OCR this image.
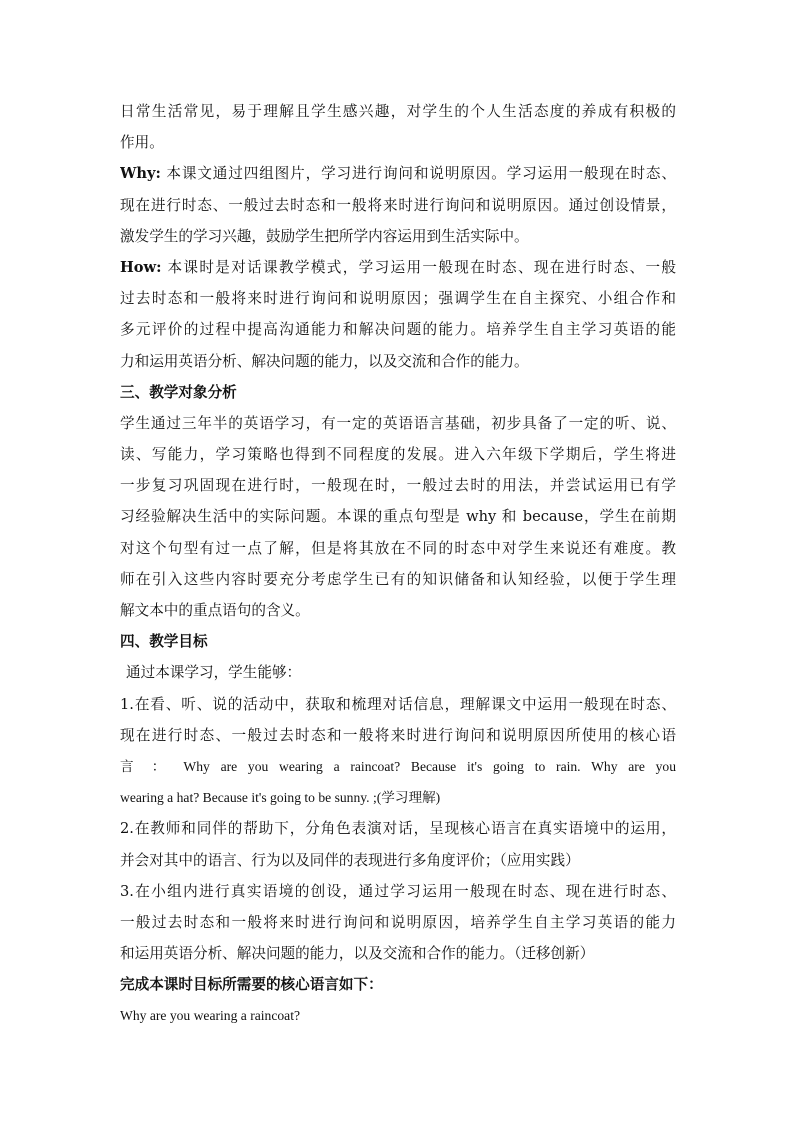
日常生活常见，易于理解且学生感兴趣，对学生的个人生活态度的养成有积极的
作用。
Why: 本课文通过四组图片，学习进行询问和说明原因。学习运用一般现在时态、
现在进行时态、一般过去时态和一般将来时进行询问和说明原因。通过创设情景，
激发学生的学习兴趣，鼓励学生把所学内容运用到生活实际中。
How: 本课时是对话课教学模式，学习运用一般现在时态、现在进行时态、一般
过去时态和一般将来时进行询问和说明原因；强调学生在自主探究、小组合作和
多元评价的过程中提高沟通能力和解决问题的能力。培养学生自主学习英语的能
力和运用英语分析、解决问题的能力，以及交流和合作的能力。
三、教学对象分析
学生通过三年半的英语学习，有一定的英语语言基础，初步具备了一定的听、说、
读、写能力，学习策略也得到不同程度的发展。进入六年级下学期后，学生将进
一步复习巩固现在进行时，一般现在时，一般过去时的用法，并尝试运用已有学
习经验解决生活中的实际问题。本课的重点句型是 why 和 because，学生在前期
对这个句型有过一点了解，但是将其放在不同的时态中对学生来说还有难度。教
师在引入这些内容时要充分考虑学生已有的知识储备和认知经验，以便于学生理
解文本中的重点语句的含义。
四、教学目标
通过本课学习，学生能够：
1.在看、听、说的活动中，获取和梳理对话信息，理解课文中运用一般现在时态、
现在进行时态、一般过去时态和一般将来时进行询问和说明原因所使用的核心语
言 ： Why are you wearing a raincoat? Because it's going to rain. Why are you
wearing a hat? Because it's going to be sunny. ;(学习理解)
2.在教师和同伴的帮助下，分角色表演对话，呈现核心语言在真实语境中的运用，
并会对其中的语言、行为以及同伴的表现进行多角度评价；（应用实践）
3.在小组内进行真实语境的创设，通过学习运用一般现在时态、现在进行时态、
一般过去时态和一般将来时进行询问和说明原因，培养学生自主学习英语的能力
和运用英语分析、解决问题的能力，以及交流和合作的能力。（迁移创新）
完成本课时目标所需要的核心语言如下：
Why are you wearing a raincoat?
